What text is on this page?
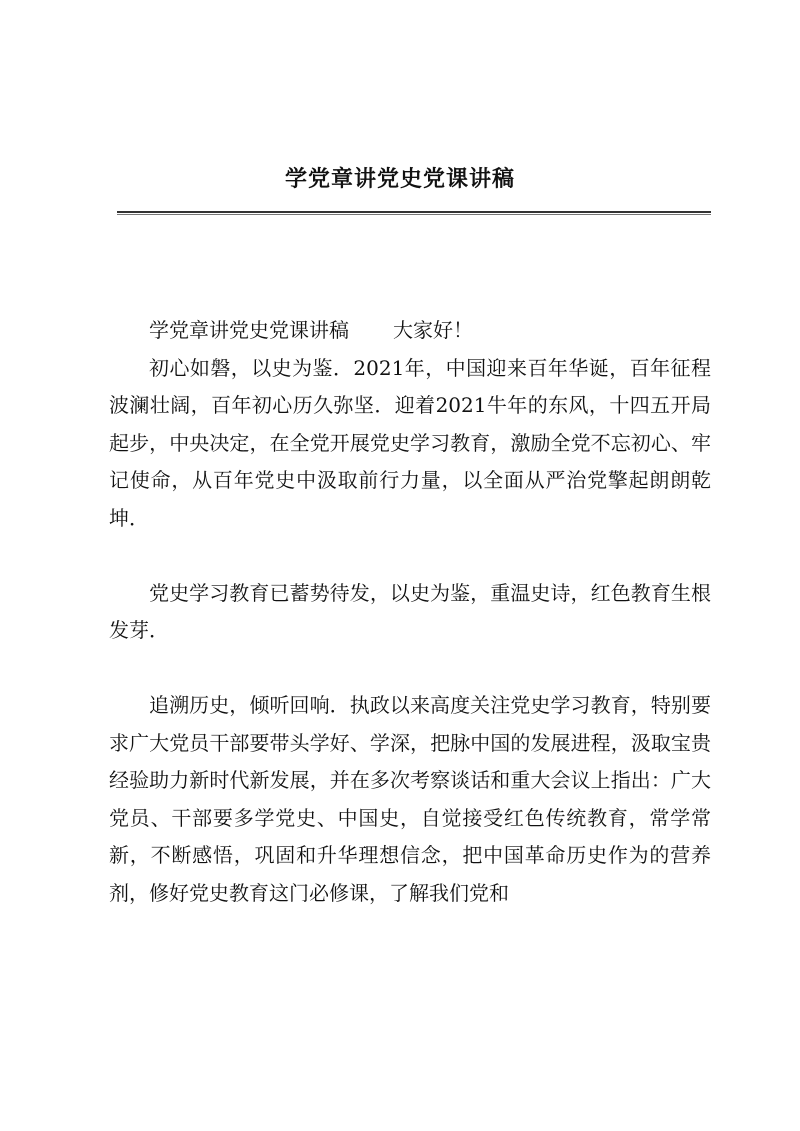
学党章讲党史党课讲稿

学党章讲党史党课讲稿 大家好！

初心如磐，以史为鉴．2021年，中国迎来百年华诞，百年征程波澜壮阔，百年初心历久弥坚．迎着2021牛年的东风，十四五开局起步，中央决定，在全党开展党史学习教育，激励全党不忘初心、牢记使命，从百年党史中汲取前行力量，以全面从严治党擎起朗朗乾坤．

党史学习教育已蓄势待发，以史为鉴，重温史诗，红色教育生根发芽．

追溯历史，倾听回响．执政以来高度关注党史学习教育，特别要求广大党员干部要带头学好、学深，把脉中国的发展进程，汲取宝贵经验助力新时代新发展，并在多次考察谈话和重大会议上指出：广大党员、干部要多学党史、中国史，自觉接受红色传统教育，常学常新，不断感悟，巩固和升华理想信念，把中国革命历史作为的营养剂，修好党史教育这门必修课，了解我们党和
